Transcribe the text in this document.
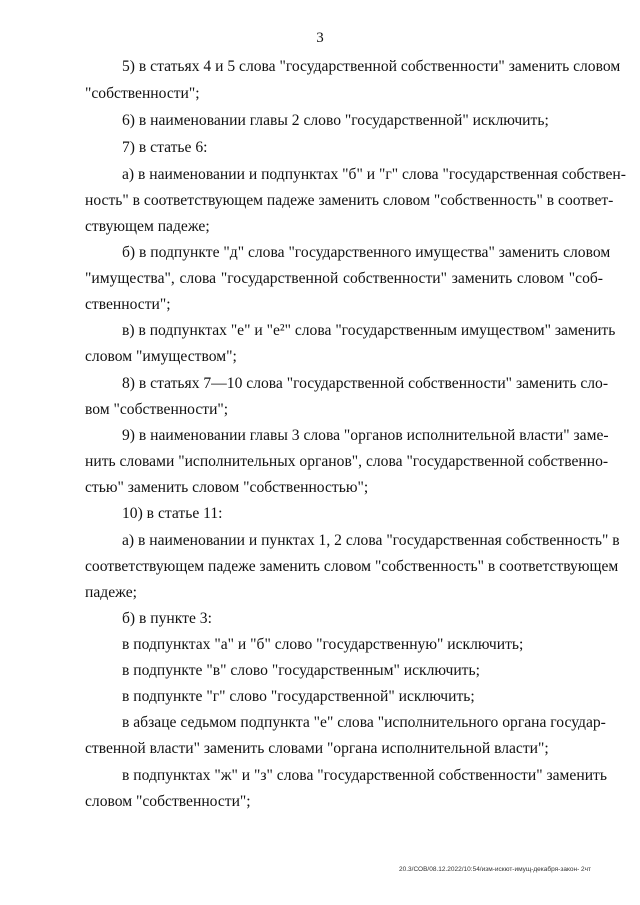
3
5) в статьях 4 и 5 слова "государственной собственности" заменить словом
"собственности";
6) в наименовании главы 2 слово "государственной" исключить;
7) в статье 6:
а) в наименовании и подпунктах "б" и "г" слова "государственная собствен-
ность" в соответствующем падеже заменить словом "собственность" в соответ-
ствующем падеже;
б) в подпункте "д" слова "государственного имущества" заменить словом
"имущества", слова "государственной собственности" заменить словом "соб-
ственности";
в) в подпунктах "е" и "е²" слова "государственным имуществом" заменить
словом "имуществом";
8) в статьях 7—10 слова "государственной собственности" заменить сло-
вом "собственности";
9) в наименовании главы 3 слова "органов исполнительной власти" заме-
нить словами "исполнительных органов", слова "государственной собственно-
стью" заменить словом "собственностью";
10) в статье 11:
а) в наименовании и пунктах 1, 2 слова "государственная собственность" в
соответствующем падеже заменить словом "собственность" в соответствующем
падеже;
б) в пункте 3:
в подпунктах "а" и "б" слово "государственную" исключить;
в подпункте "в" слово "государственным" исключить;
в подпункте "г" слово "государственной" исключить;
в абзаце седьмом подпункта "е" слова "исполнительного органа государ-
ственной власти" заменить словами "органа исполнительной власти";
в подпунктах "ж" и "з" слова "государственной собственности" заменить
словом "собственности";
20.3/СОВ/08.12.2022/10:54/изм-искют-имущ-декабря-закон- 2чт
